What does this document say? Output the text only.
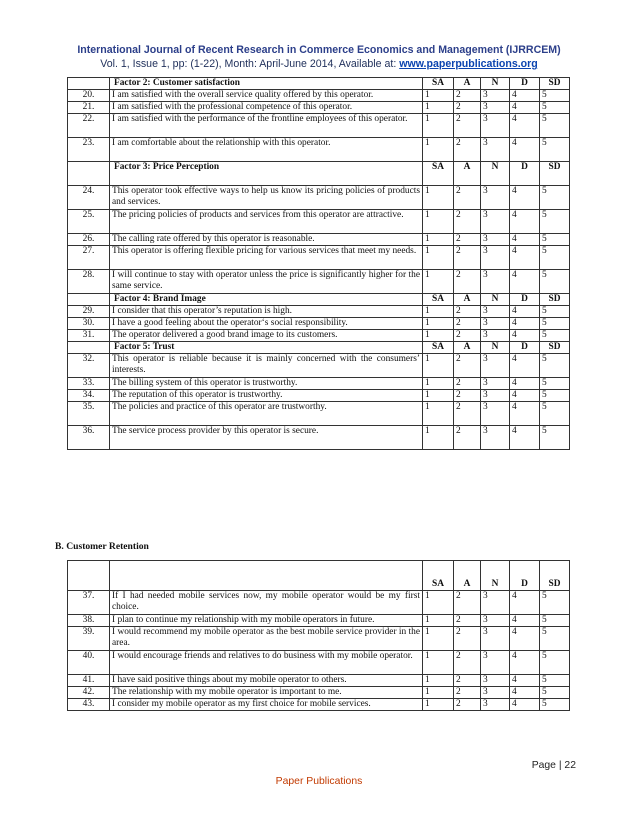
International Journal of Recent Research in Commerce Economics and Management (IJRRCEM)
Vol. 1, Issue 1, pp: (1-22), Month: April-June 2014, Available at: www.paperpublications.org
	Factor 2: Customer satisfaction	SA	A	N	D	SD
20.	I am satisfied with the overall service quality offered by this operator.	1	2	3	4	5
21.	I am satisfied with the professional competence of this operator.	1	2	3	4	5
22.	I am satisfied with the performance of the frontline employees of this operator.	1	2	3	4	5
23.	I am comfortable about the relationship with this operator.	1	2	3	4	5
	Factor 3: Price Perception	SA	A	N	D	SD
24.	This operator took effective ways to help us know its pricing policies of products and services.	1	2	3	4	5
25.	The pricing policies of products and services from this operator are attractive.	1	2	3	4	5
26.	The calling rate offered by this operator is reasonable.	1	2	3	4	5
27.	This operator is offering flexible pricing for various services that meet my needs.	1	2	3	4	5
28.	I will continue to stay with operator unless the price is significantly higher for the same service.	1	2	3	4	5
	Factor 4: Brand Image	SA	A	N	D	SD
29.	I consider that this operator’s reputation is high.	1	2	3	4	5
30.	I have a good feeling about the operator‘s social responsibility.	1	2	3	4	5
31.	The operator delivered a good brand image to its customers.	1	2	3	4	5
	Factor 5: Trust	SA	A	N	D	SD
32.	This operator is reliable because it is mainly concerned with the consumers’ interests.	1	2	3	4	5
33.	The billing system of this operator is trustworthy.	1	2	3	4	5
34.	The reputation of this operator is trustworthy.	1	2	3	4	5
35.	The policies and practice of this operator are trustworthy.	1	2	3	4	5
36.	The service process provider by this operator is secure.	1	2	3	4	5
B. Customer Retention
		SA	A	N	D	SD
37.	If I had needed mobile services now, my mobile operator would be my first choice.	1	2	3	4	5
38.	I plan to continue my relationship with my mobile operators in future.	1	2	3	4	5
39.	I would recommend my mobile operator as the best mobile service provider in the area.	1	2	3	4	5
40.	I would encourage friends and relatives to do business with my mobile operator.	1	2	3	4	5
41.	I have said positive things about my mobile operator to others.	1	2	3	4	5
42.	The relationship with my mobile operator is important to me.	1	2	3	4	5
43.	I consider my mobile operator as my first choice for mobile services.	1	2	3	4	5
Page | 22
Paper Publications
